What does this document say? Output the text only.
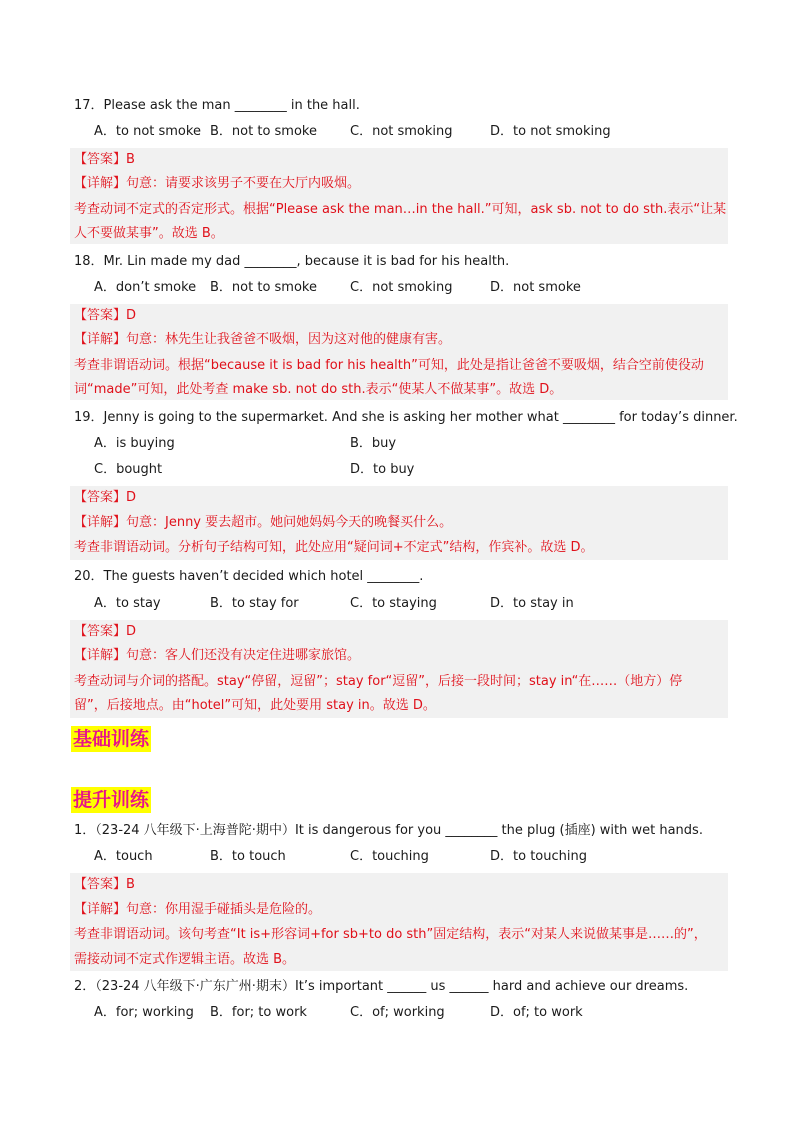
17．Please ask the man ________ in the hall.
A．to not smoke B．not to smoke	C．not smoking	D．to not smoking
【答案】B
【详解】句意：请要求该男子不要在大厅内吸烟。
考查动词不定式的否定形式。根据“Please ask the man…in the hall.”可知，ask sb. not to do sth.表示“让某
人不要做某事”。故选 B。
18．Mr. Lin made my dad ________, because it is bad for his health.
A．don’t smoke B．not to smoke	C．not smoking	D．not smoke
【答案】D
【详解】句意：林先生让我爸爸不吸烟，因为这对他的健康有害。
考查非谓语动词。根据“because it is bad for his health”可知，此处是指让爸爸不要吸烟，结合空前使役动
词“made”可知，此处考查 make sb. not do sth.表示“使某人不做某事”。故选 D。
19．Jenny is going to the supermarket. And she is asking her mother what ________ for today’s dinner.
A．is buying	B．buy
C．bought	D．to buy
【答案】D
【详解】句意：Jenny 要去超市。她问她妈妈今天的晚餐买什么。
考查非谓语动词。分析句子结构可知，此处应用“疑问词+不定式”结构，作宾补。故选 D。
20．The guests haven’t decided which hotel ________.
A．to stay	B．to stay for	C．to staying	D．to stay in
【答案】D
【详解】句意：客人们还没有决定住进哪家旅馆。
考查动词与介词的搭配。stay“停留，逗留”；stay for“逗留”，后接一段时间；stay in“在……（地方）停
留”，后接地点。由“hotel”可知，此处要用 stay in。故选 D。
基础训练
提升训练
1．（23-24 八年级下·上海普陀·期中）It is dangerous for you ________ the plug (插座) with wet hands.
A．touch	B．to touch	C．touching	D．to touching
【答案】B
【详解】句意：你用湿手碰插头是危险的。
考查非谓语动词。该句考查“It is+形容词+for sb+to do sth”固定结构，表示“对某人来说做某事是……的”，
需接动词不定式作逻辑主语。故选 B。
2．（23-24 八年级下·广东广州·期末）It’s important ______ us ______ hard and achieve our dreams.
A．for; working B．for; to work	C．of; working	D．of; to work
